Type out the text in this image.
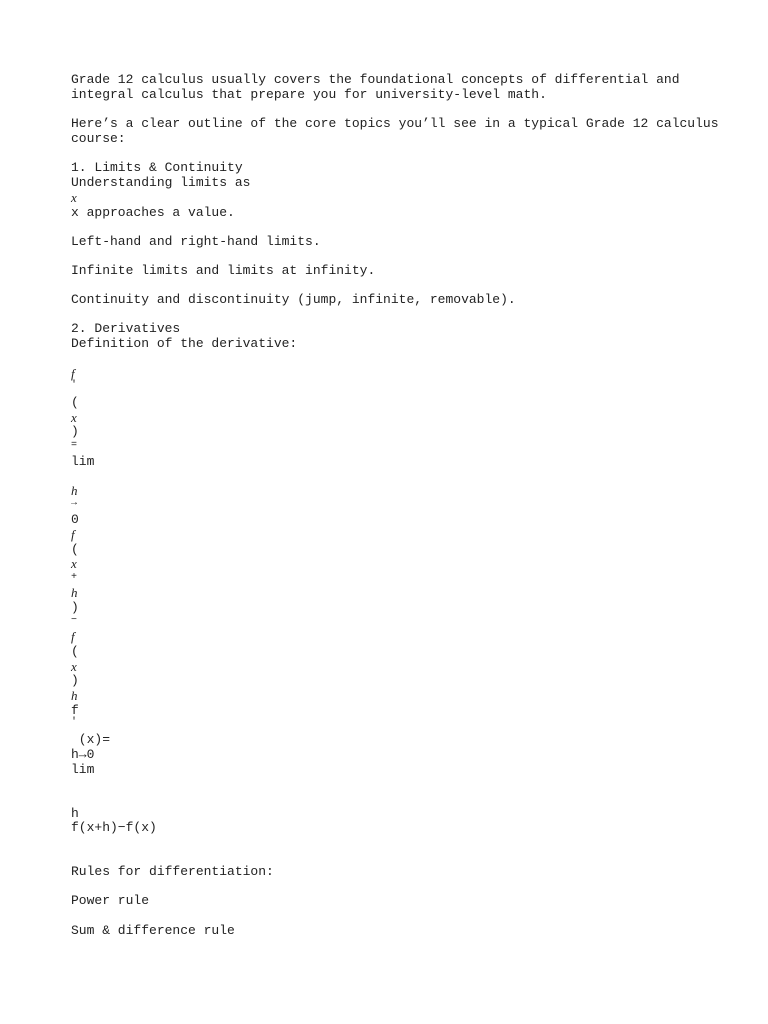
Grade 12 calculus usually covers the foundational concepts of differential and
integral calculus that prepare you for university-level math.
Here’s a clear outline of the core topics you’ll see in a typical Grade 12 calculus
course:
1. Limits & Continuity
Understanding limits as
x
x approaches a value.
Left-hand and right-hand limits.
Infinite limits and limits at infinity.
Continuity and discontinuity (jump, infinite, removable).
2. Derivatives
Definition of the derivative:
f
′
(
x
)
=
lim
h
→
0
f
(
x
+
h
)
−
f
(
x
)
h
f
′
(x)=
h→0
lim
h
f(x+h)−f(x)
Rules for differentiation:
Power rule
Sum & difference rule
